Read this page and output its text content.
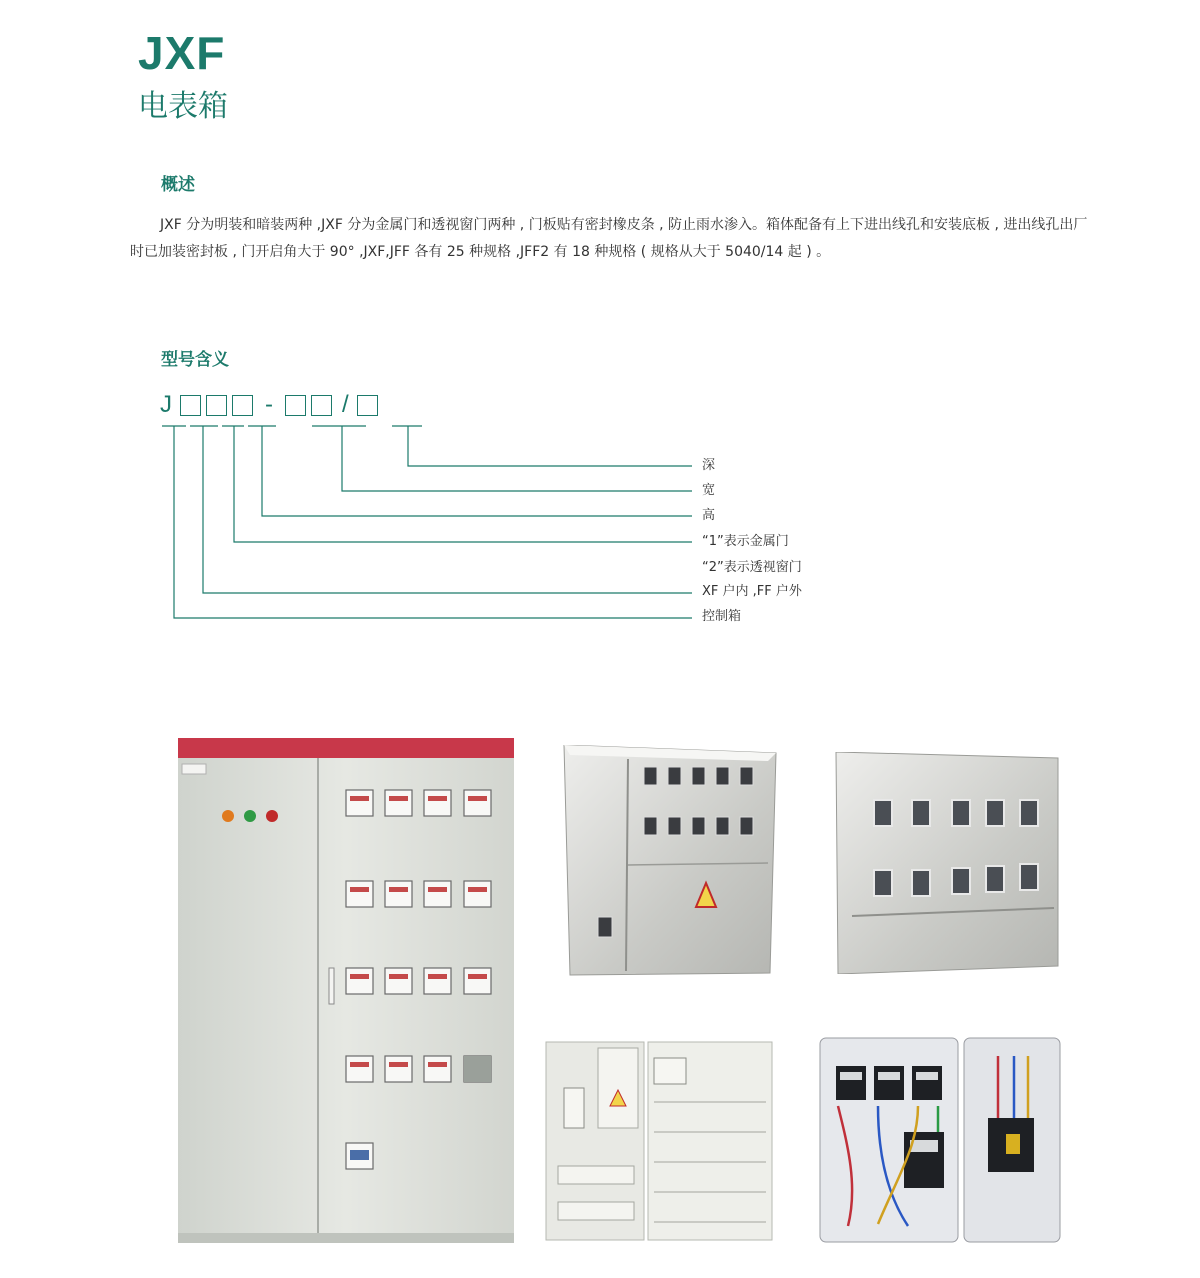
JXF
电表箱
概述

JXF 分为明装和暗装两种 ,JXF 分为金属门和透视窗门两种 , 门板贴有密封橡皮条 , 防止雨水渗入。箱体配备有上下进出线孔和安装底板 , 进出线孔出厂时已加装密封板 , 门开启角大于 90° ,JXF,JFF 各有 25 种规格 ,JFF2 有 18 种规格 ( 规格从大于 5040/14 起 ) 。

型号含义
J	-	/
深
宽
高
“1”表示金属门
“2”表示透视窗门
XF 户内 ,FF 户外
控制箱
